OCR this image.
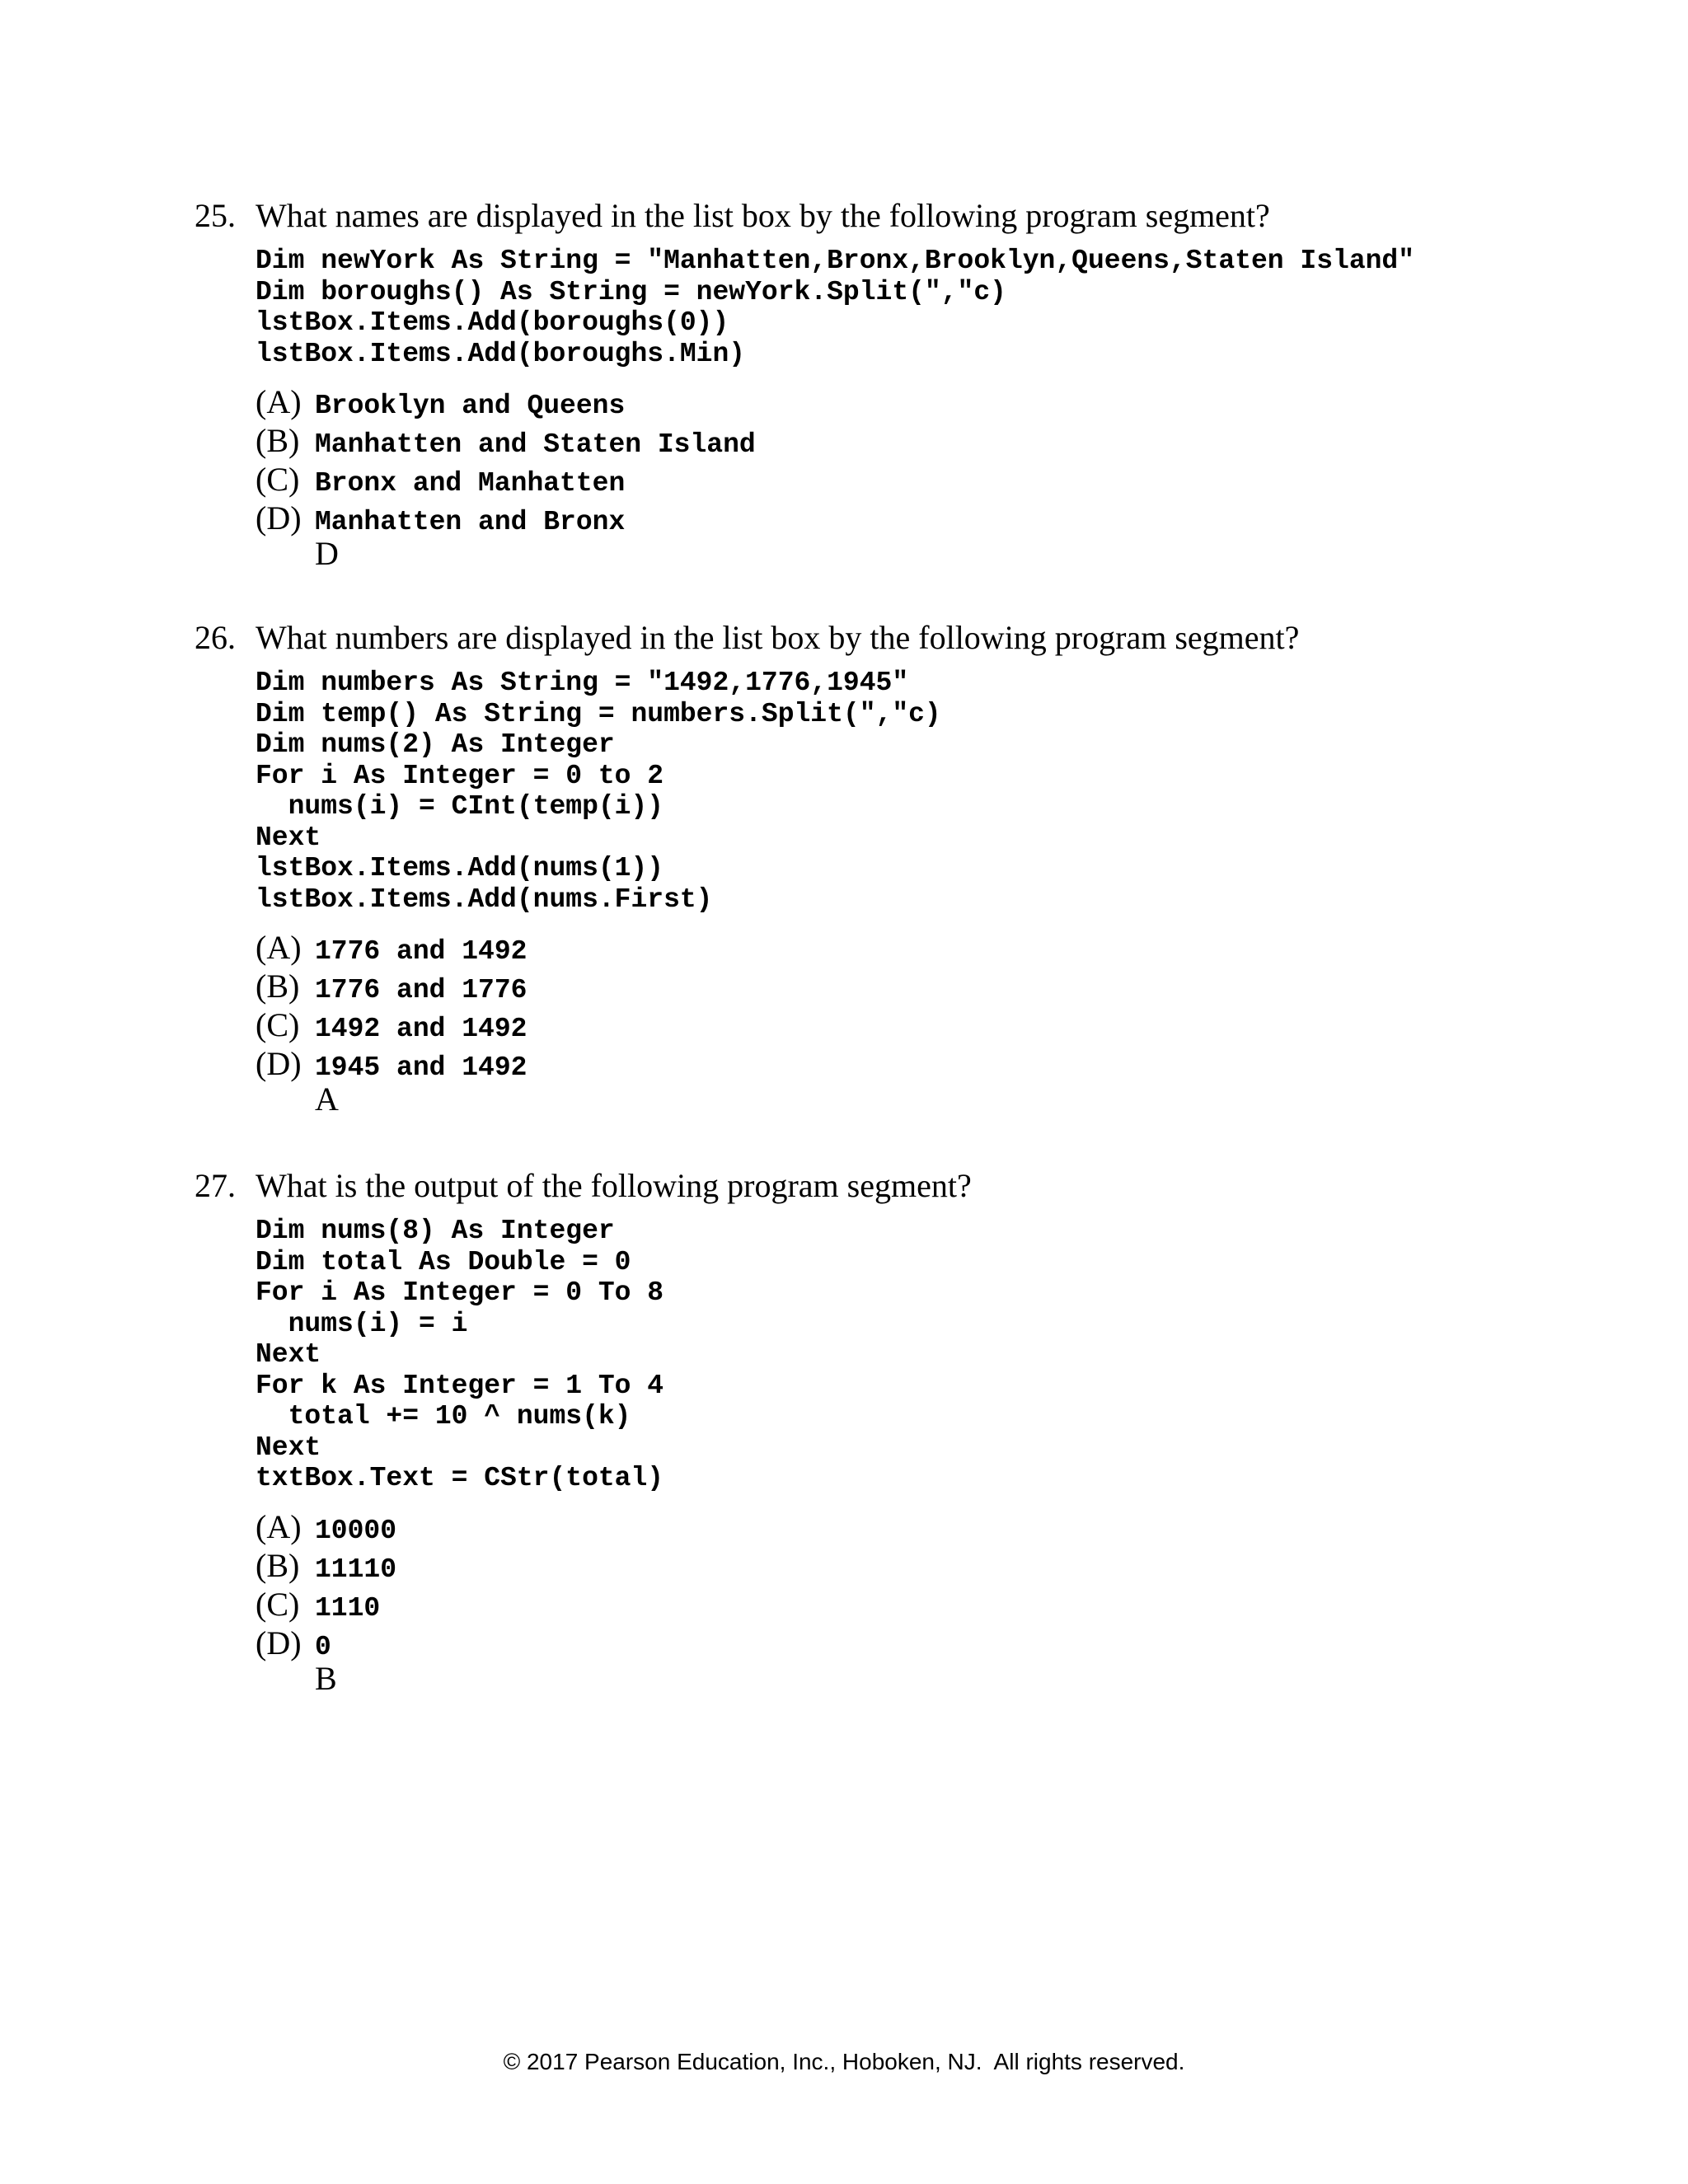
25. What names are displayed in the list box by the following program segment?
Dim newYork As String = "Manhatten,Bronx,Brooklyn,Queens,Staten Island"
Dim boroughs() As String = newYork.Split(","c)
lstBox.Items.Add(boroughs(0))
lstBox.Items.Add(boroughs.Min)
(A) Brooklyn and Queens
(B) Manhatten and Staten Island
(C) Bronx and Manhatten
(D) Manhatten and Bronx
D
26. What numbers are displayed in the list box by the following program segment?
Dim numbers As String = "1492,1776,1945"
Dim temp() As String = numbers.Split(","c)
Dim nums(2) As Integer
For i As Integer = 0 to 2
nums(i) = CInt(temp(i))
Next
lstBox.Items.Add(nums(1))
lstBox.Items.Add(nums.First)
(A) 1776 and 1492
(B) 1776 and 1776
(C) 1492 and 1492
(D) 1945 and 1492
A
27. What is the output of the following program segment?
Dim nums(8) As Integer
Dim total As Double = 0
For i As Integer = 0 To 8
nums(i) = i
Next
For k As Integer = 1 To 4
total += 10 ^ nums(k)
Next
txtBox.Text = CStr(total)
(A) 10000
(B) 11110
(C) 1110
(D) 0
B
© 2017 Pearson Education, Inc., Hoboken, NJ.  All rights reserved.
